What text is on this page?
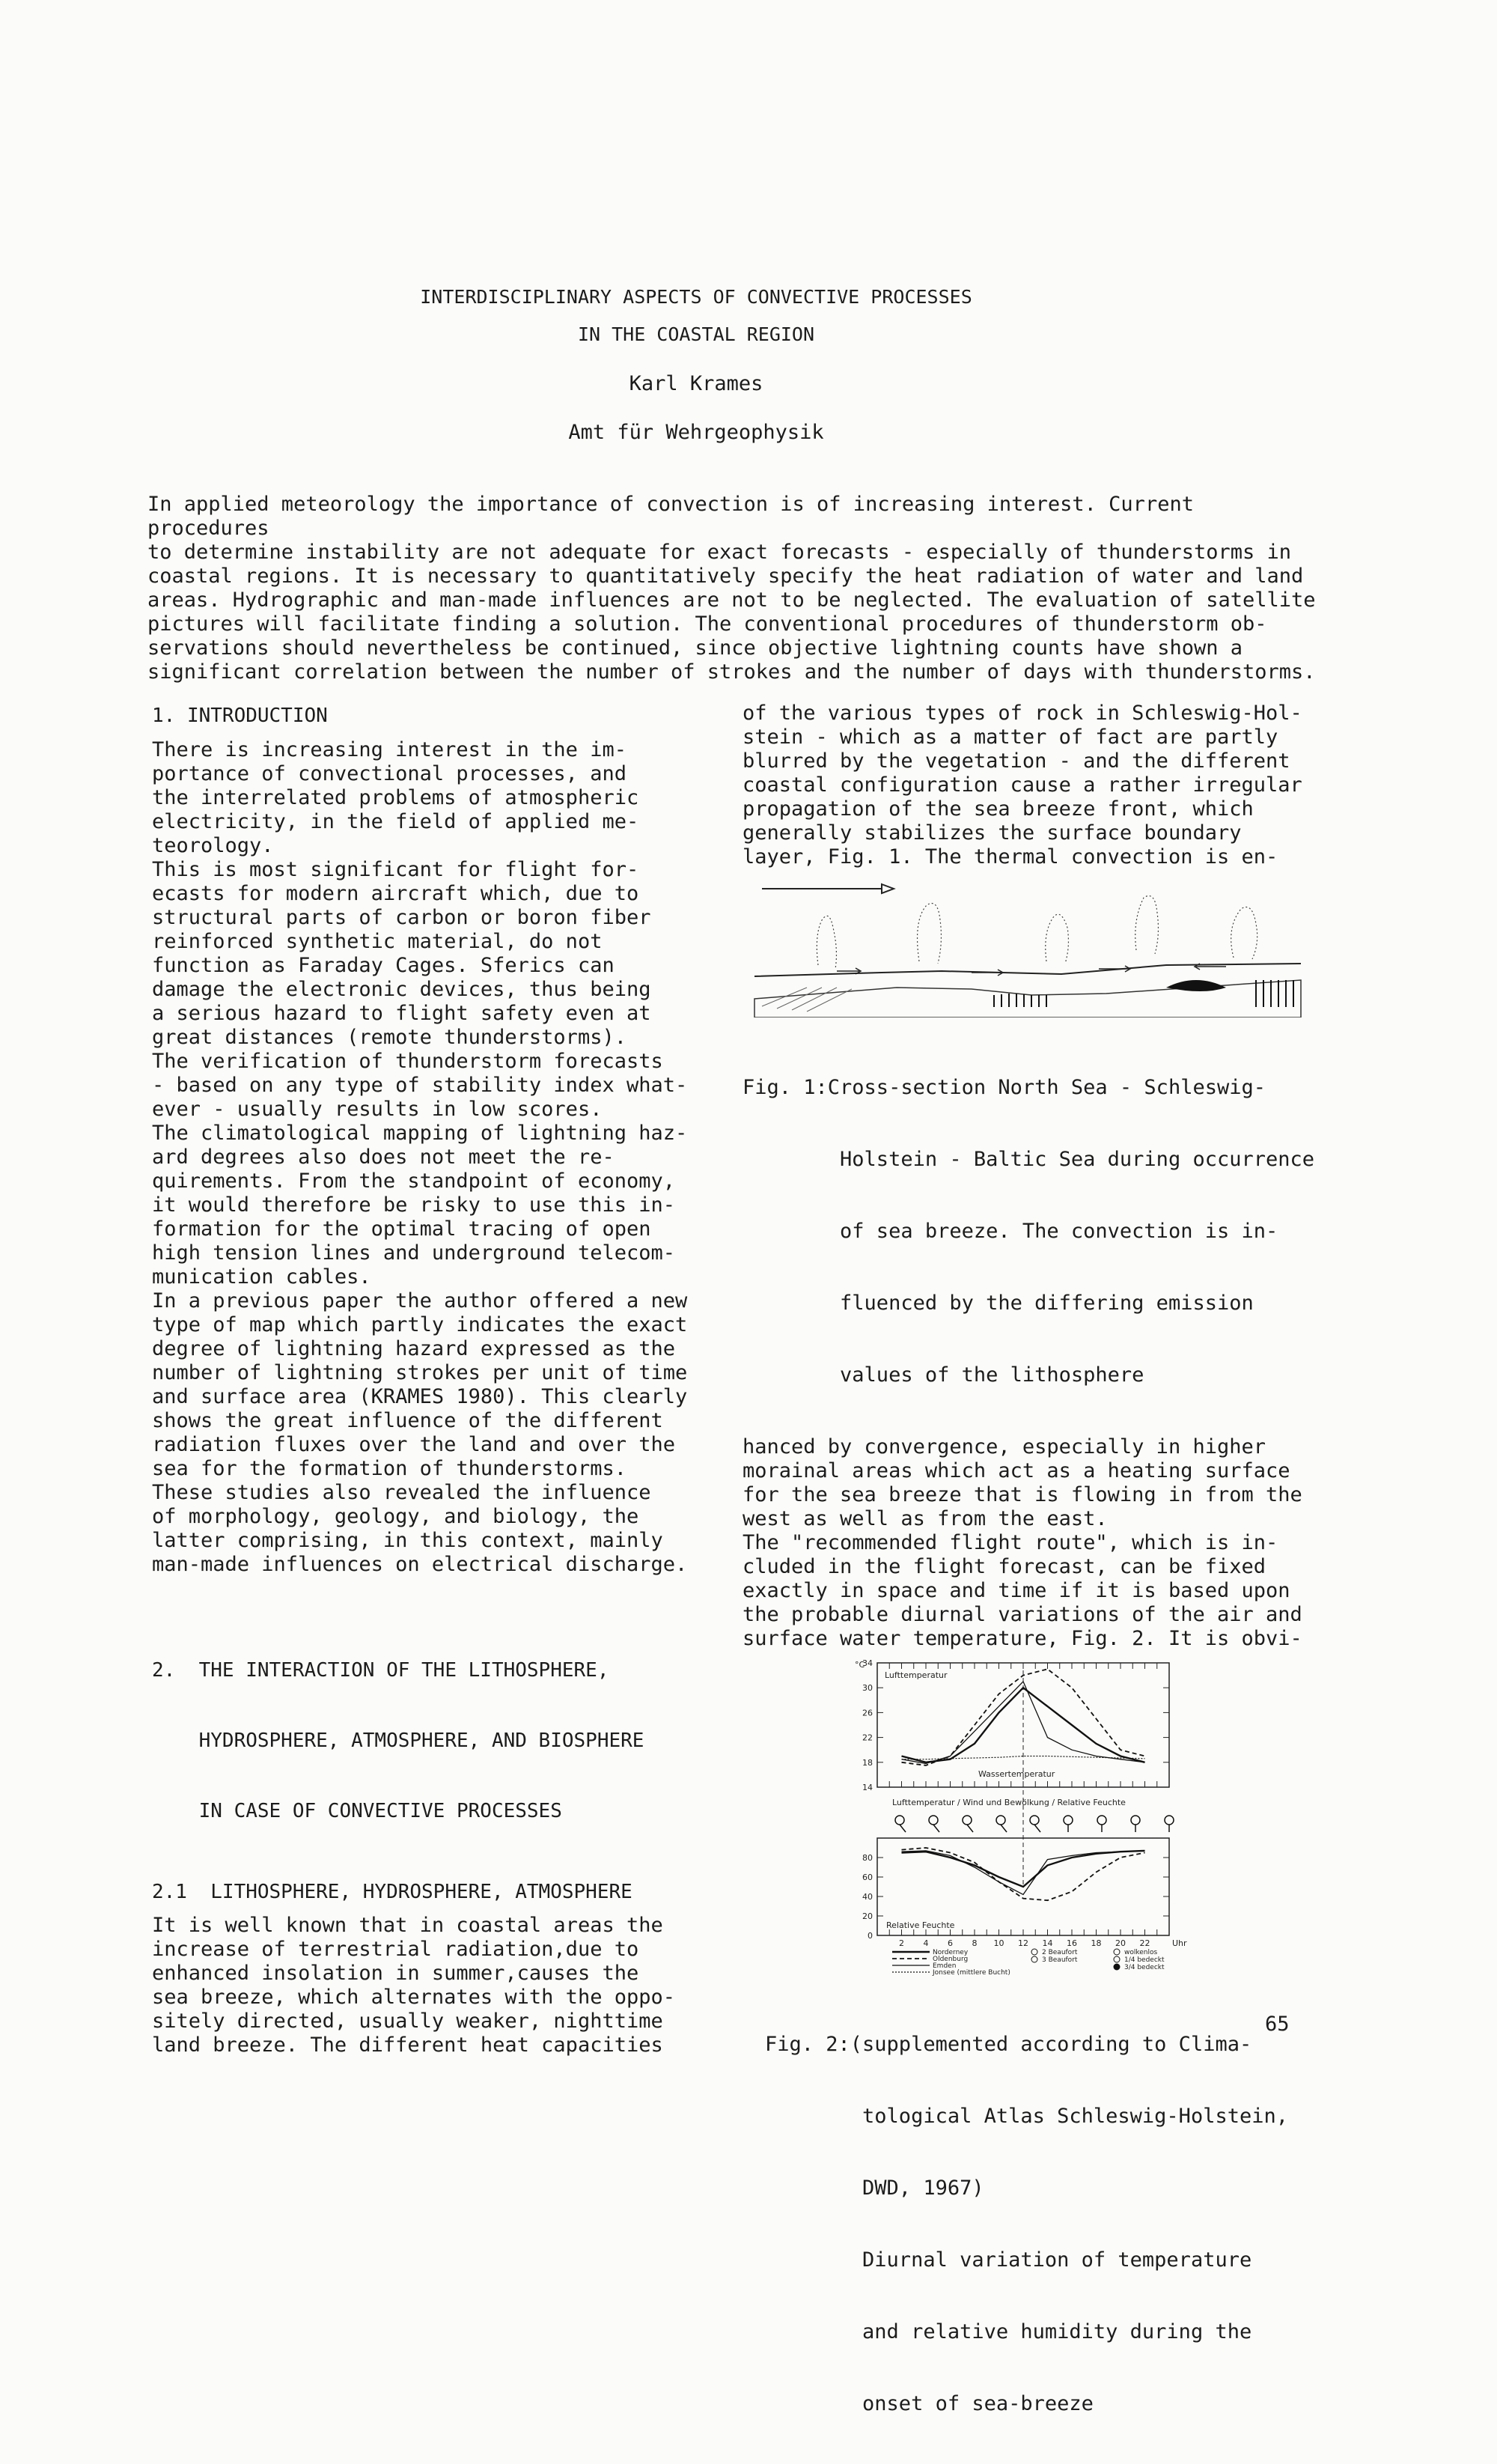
INTERDISCIPLINARY ASPECTS OF CONVECTIVE PROCESSES
IN THE COASTAL REGION
Karl Krames
Amt für Wehrgeophysik
In applied meteorology the importance of convection is of increasing interest. Current procedures
to determine instability are not adequate for exact forecasts - especially of thunderstorms in
coastal regions. It is necessary to quantitatively specify the heat radiation of water and land
areas. Hydrographic and man-made influences are not to be neglected. The evaluation of satellite
pictures will facilitate finding a solution. The conventional procedures of thunderstorm ob-
servations should nevertheless be continued, since objective lightning counts have shown a
significant correlation between the number of strokes and the number of days with thunderstorms.
1. INTRODUCTION
There is increasing interest in the im-
portance of convectional processes, and
the interrelated problems of atmospheric
electricity, in the field of applied me-
teorology.
This is most significant for flight for-
ecasts for modern aircraft which, due to
structural parts of carbon or boron fiber
reinforced synthetic material, do not
function as Faraday Cages. Sferics can
damage the electronic devices, thus being
a serious hazard to flight safety even at
great distances (remote thunderstorms).
The verification of thunderstorm forecasts
- based on any type of stability index what-
ever - usually results in low scores.
The climatological mapping of lightning haz-
ard degrees also does not meet the re-
quirements. From the standpoint of economy,
it would therefore be risky to use this in-
formation for the optimal tracing of open
high tension lines and underground telecom-
munication cables.
In a previous paper the author offered a new
type of map which partly indicates the exact
degree of lightning hazard expressed as the
number of lightning strokes per unit of time
and surface area (KRAMES 1980). This clearly
shows the great influence of the different
radiation fluxes over the land and over the
sea for the formation of thunderstorms.
These studies also revealed the influence
of morphology, geology, and biology, the
latter comprising, in this context, mainly
man-made influences on electrical discharge.

2.  THE INTERACTION OF THE LITHOSPHERE,

HYDROSPHERE, ATMOSPHERE, AND BIOSPHERE

IN CASE OF CONVECTIVE PROCESSES

2.1  LITHOSPHERE, HYDROSPHERE, ATMOSPHERE
It is well known that in coastal areas the
increase of terrestrial radiation,due to
enhanced insolation in summer,causes the
sea breeze, which alternates with the oppo-
sitely directed, usually weaker, nighttime
land breeze. The different heat capacities
of the various types of rock in Schleswig-Hol-
stein - which as a matter of fact are partly
blurred by the vegetation - and the different
coastal configuration cause a rather irregular
propagation of the sea breeze front, which
generally stabilizes the surface boundary
layer, Fig. 1. The thermal convection is en-

Fig. 1:Cross-section North Sea - Schleswig-

Holstein - Baltic Sea during occurrence

of sea breeze. The convection is in-

fluenced by the differing emission

values of the lithosphere

hanced by convergence, especially in higher
morainal areas which act as a heating surface
for the sea breeze that is flowing in from the
west as well as from the east.
The "recommended flight route", which is in-
cluded in the flight forecast, can be fixed
exactly in space and time if it is based upon
the probable diurnal variations of the air and
surface water temperature, Fig. 2. It is obvi-
14
18
22
26
30
34
Lufttemperatur
Wassertemperatur
°C
Lufttemperatur / Wind und Bewölkung / Relative Feuchte
0
20
40
60
80
2 4 6 8 10 12 14 16 18 20 22	Uhr
Relative Feuchte
Norderney
Oldenburg
Emden
Jonsee (mittlere Bucht)
2 Beaufort
3 Beaufort
wolkenlos
1/4 bedeckt
3/4 bedeckt

Fig. 2:(supplemented according to Clima-

tological Atlas Schleswig-Holstein,

DWD, 1967)

Diurnal variation of temperature

and relative humidity during the

onset of sea-breeze

65
